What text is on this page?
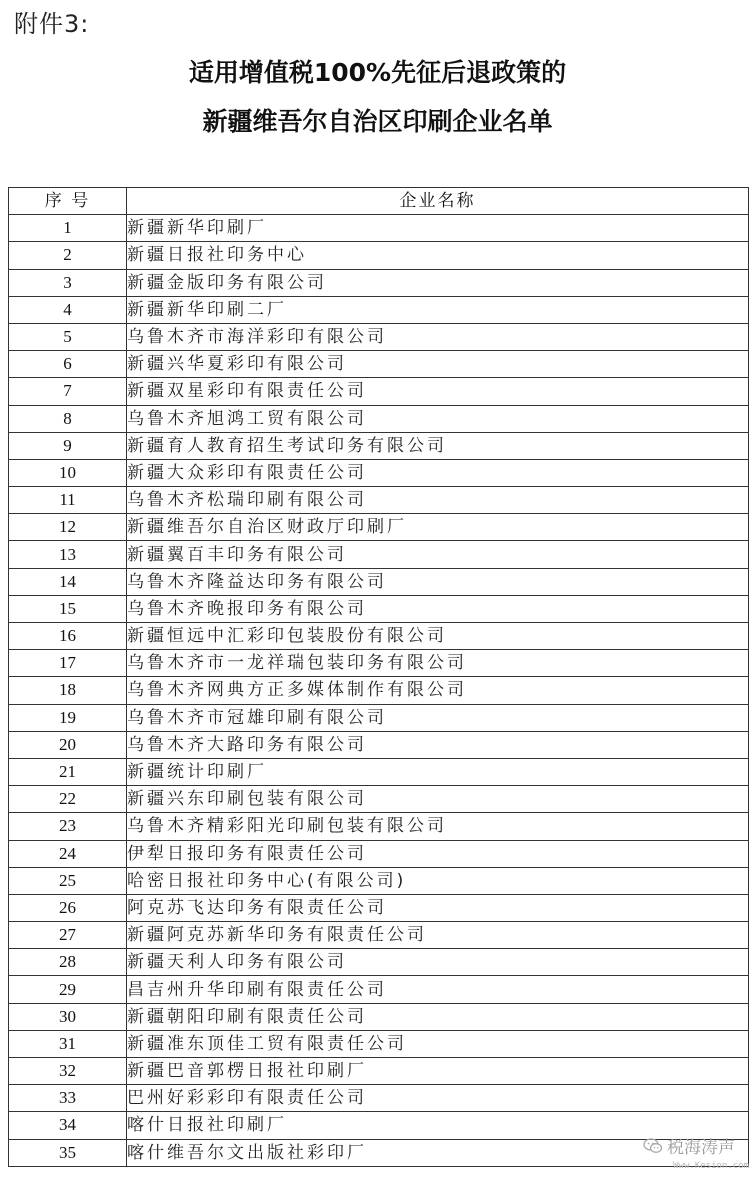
附件3:
适用增值税100%先征后退政策的
新疆维吾尔自治区印刷企业名单
序 号	企业名称
1	新疆新华印刷厂
2	新疆日报社印务中心
3	新疆金版印务有限公司
4	新疆新华印刷二厂
5	乌鲁木齐市海洋彩印有限公司
6	新疆兴华夏彩印有限公司
7	新疆双星彩印有限责任公司
8	乌鲁木齐旭鸿工贸有限公司
9	新疆育人教育招生考试印务有限公司
10	新疆大众彩印有限责任公司
11	乌鲁木齐松瑞印刷有限公司
12	新疆维吾尔自治区财政厅印刷厂
13	新疆翼百丰印务有限公司
14	乌鲁木齐隆益达印务有限公司
15	乌鲁木齐晚报印务有限公司
16	新疆恒远中汇彩印包装股份有限公司
17	乌鲁木齐市一龙祥瑞包装印务有限公司
18	乌鲁木齐网典方正多媒体制作有限公司
19	乌鲁木齐市冠雄印刷有限公司
20	乌鲁木齐大路印务有限公司
21	新疆统计印刷厂
22	新疆兴东印刷包装有限公司
23	乌鲁木齐精彩阳光印刷包装有限公司
24	伊犁日报印务有限责任公司
25	哈密日报社印务中心(有限公司)
26	阿克苏飞达印务有限责任公司
27	新疆阿克苏新华印务有限责任公司
28	新疆天利人印务有限公司
29	昌吉州升华印刷有限责任公司
30	新疆朝阳印刷有限责任公司
31	新疆准东顶佳工贸有限责任公司
32	新疆巴音郭楞日报社印刷厂
33	巴州好彩彩印有限责任公司
34	喀什日报社印刷厂
35	喀什维吾尔文出版社彩印厂	税海涛声
Www.Kesion.com
